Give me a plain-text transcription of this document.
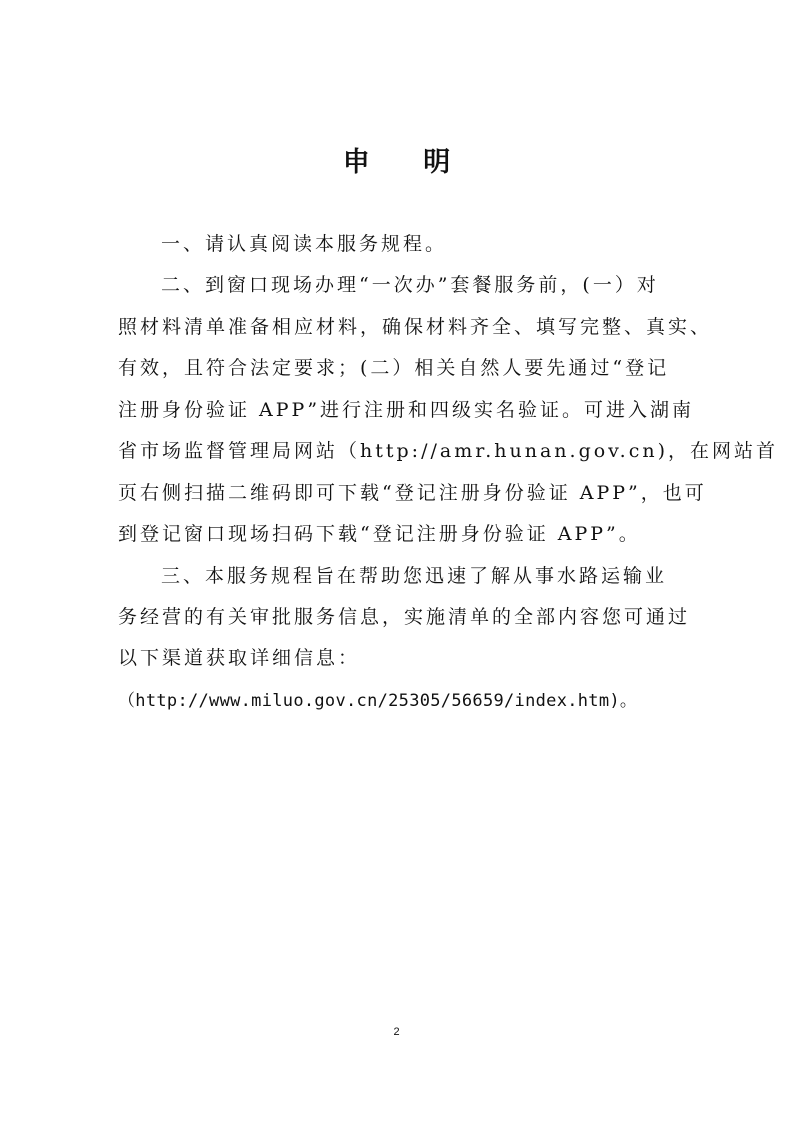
申 明
一、请认真阅读本服务规程。
二、到窗口现场办理“一次办”套餐服务前，(一）对
照材料清单准备相应材料，确保材料齐全、填写完整、真实、
有效，且符合法定要求；(二）相关自然人要先通过“登记
注册身份验证 APP”进行注册和四级实名验证。可进入湖南
省市场监督管理局网站（http://amr.hunan.gov.cn)，在网站首
页右侧扫描二维码即可下载“登记注册身份验证 APP”，也可
到登记窗口现场扫码下载“登记注册身份验证 APP”。
三、本服务规程旨在帮助您迅速了解从事水路运输业
务经营的有关审批服务信息，实施清单的全部内容您可通过
以下渠道获取详细信息：
（http://www.miluo.gov.cn/25305/56659/index.htm)。
2
